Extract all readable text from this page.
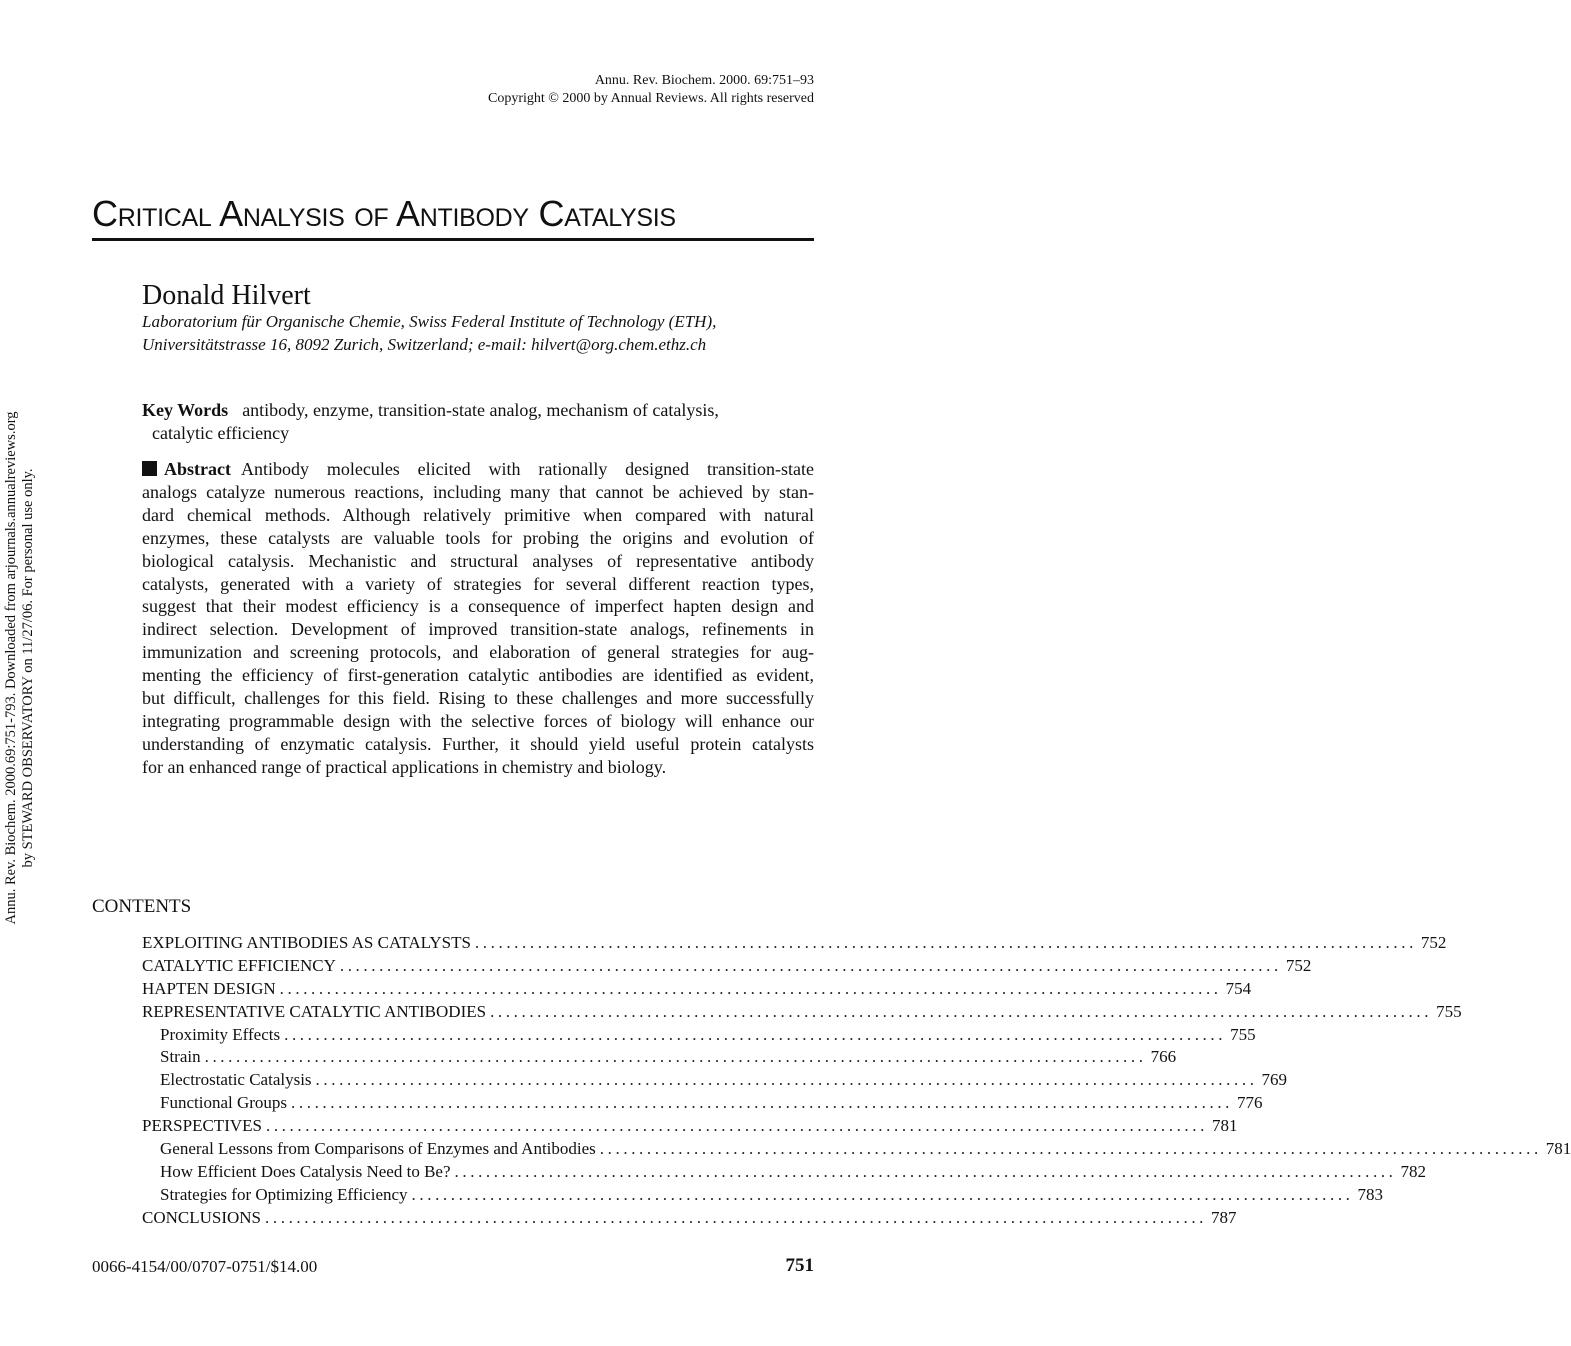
Annu. Rev. Biochem. 2000. 69:751–93
Copyright © 2000 by Annual Reviews. All rights reserved
Critical Analysis of Antibody Catalysis
Donald Hilvert
Laboratorium für Organische Chemie, Swiss Federal Institute of Technology (ETH),
Universitätstrasse 16, 8092 Zurich, Switzerland; e-mail: hilvert@org.chem.ethz.ch
Key Words antibody, enzyme, transition-state analog, mechanism of catalysis,
catalytic efficiency
Abstract Antibody molecules elicited with rationally designed transition-state
analogs catalyze numerous reactions, including many that cannot be achieved by stan-
dard chemical methods. Although relatively primitive when compared with natural
enzymes, these catalysts are valuable tools for probing the origins and evolution of
biological catalysis. Mechanistic and structural analyses of representative antibody
catalysts, generated with a variety of strategies for several different reaction types,
suggest that their modest efficiency is a consequence of imperfect hapten design and
indirect selection. Development of improved transition-state analogs, refinements in
immunization and screening protocols, and elaboration of general strategies for aug-
menting the efficiency of first-generation catalytic antibodies are identified as evident,
but difficult, challenges for this field. Rising to these challenges and more successfully
integrating programmable design with the selective forces of biology will enhance our
understanding of enzymatic catalysis. Further, it should yield useful protein catalysts
for an enhanced range of practical applications in chemistry and biology.
CONTENTS
EXPLOITING ANTIBODIES AS CATALYSTS ........................................................................................................................ 752
CATALYTIC EFFICIENCY ........................................................................................................................ 752
HAPTEN DESIGN ........................................................................................................................ 754
REPRESENTATIVE CATALYTIC ANTIBODIES ........................................................................................................................ 755
Proximity Effects ........................................................................................................................ 755
Strain ........................................................................................................................ 766
Electrostatic Catalysis ........................................................................................................................ 769
Functional Groups ........................................................................................................................ 776
PERSPECTIVES ........................................................................................................................ 781
General Lessons from Comparisons of Enzymes and Antibodies ........................................................................................................................ 781
How Efficient Does Catalysis Need to Be? ........................................................................................................................ 782
Strategies for Optimizing Efficiency ........................................................................................................................ 783
CONCLUSIONS ........................................................................................................................ 787
0066-4154/00/0707-0751/$14.00	751
Annu. Rev. Biochem. 2000.69:751-793. Downloaded from arjournals.annualreviews.org by STEWARD OBSERVATORY on 11/27/06. For personal use only.
